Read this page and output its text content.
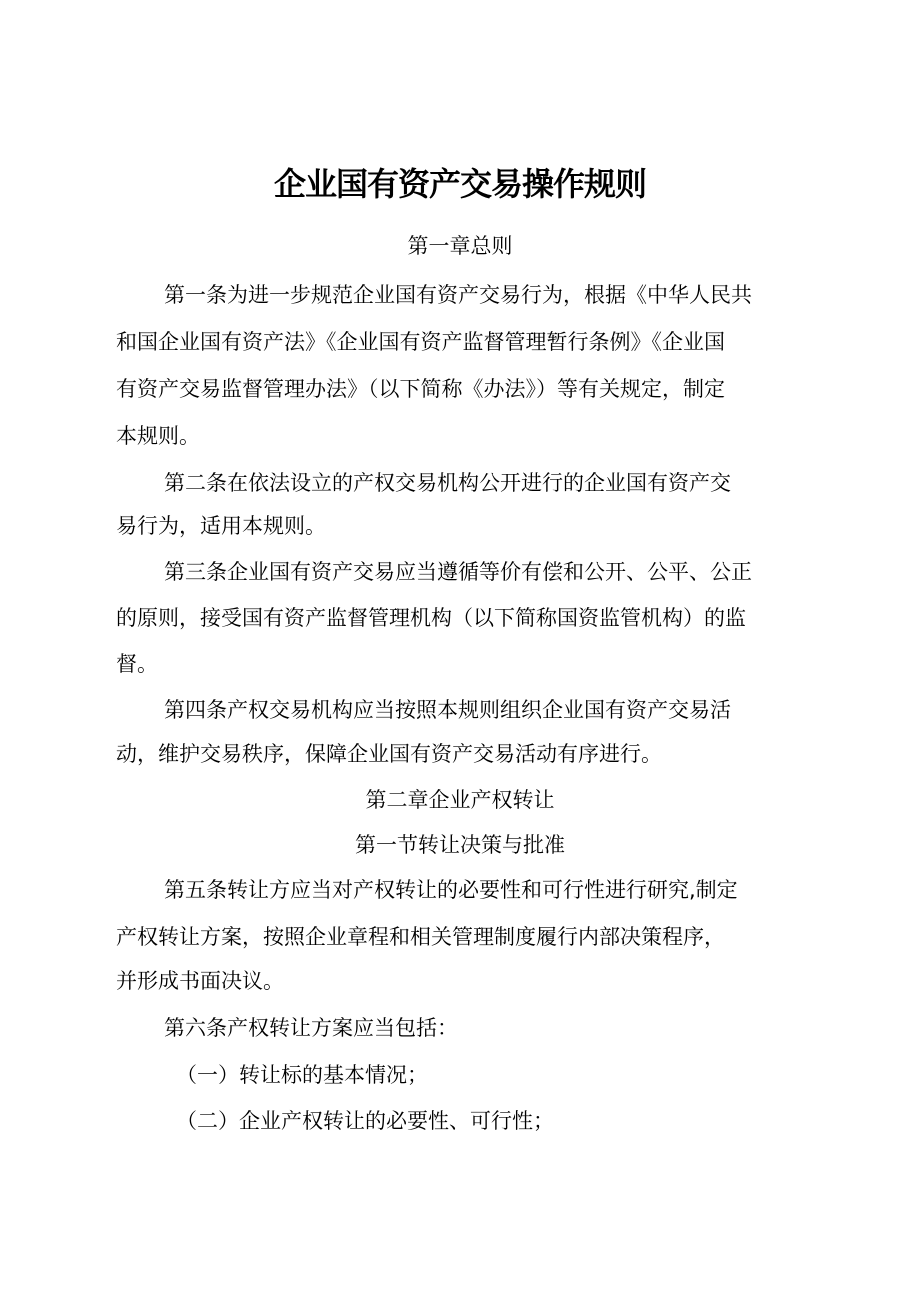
企业国有资产交易操作规则
第一章总则
第一条为进一步规范企业国有资产交易行为，根据《中华人民共
和国企业国有资产法》《企业国有资产监督管理暂行条例》《企业国
有资产交易监督管理办法》（以下简称《办法》）等有关规定，制定
本规则。
第二条在依法设立的产权交易机构公开进行的企业国有资产交
易行为，适用本规则。
第三条企业国有资产交易应当遵循等价有偿和公开、公平、公正
的原则，接受国有资产监督管理机构（以下简称国资监管机构）的监
督。
第四条产权交易机构应当按照本规则组织企业国有资产交易活
动，维护交易秩序，保障企业国有资产交易活动有序进行。
第二章企业产权转让
第一节转让决策与批准
第五条转让方应当对产权转让的必要性和可行性进行研究,制定
产权转让方案，按照企业章程和相关管理制度履行内部决策程序，
并形成书面决议。
第六条产权转让方案应当包括：
（一）转让标的基本情况；
（二）企业产权转让的必要性、可行性；
